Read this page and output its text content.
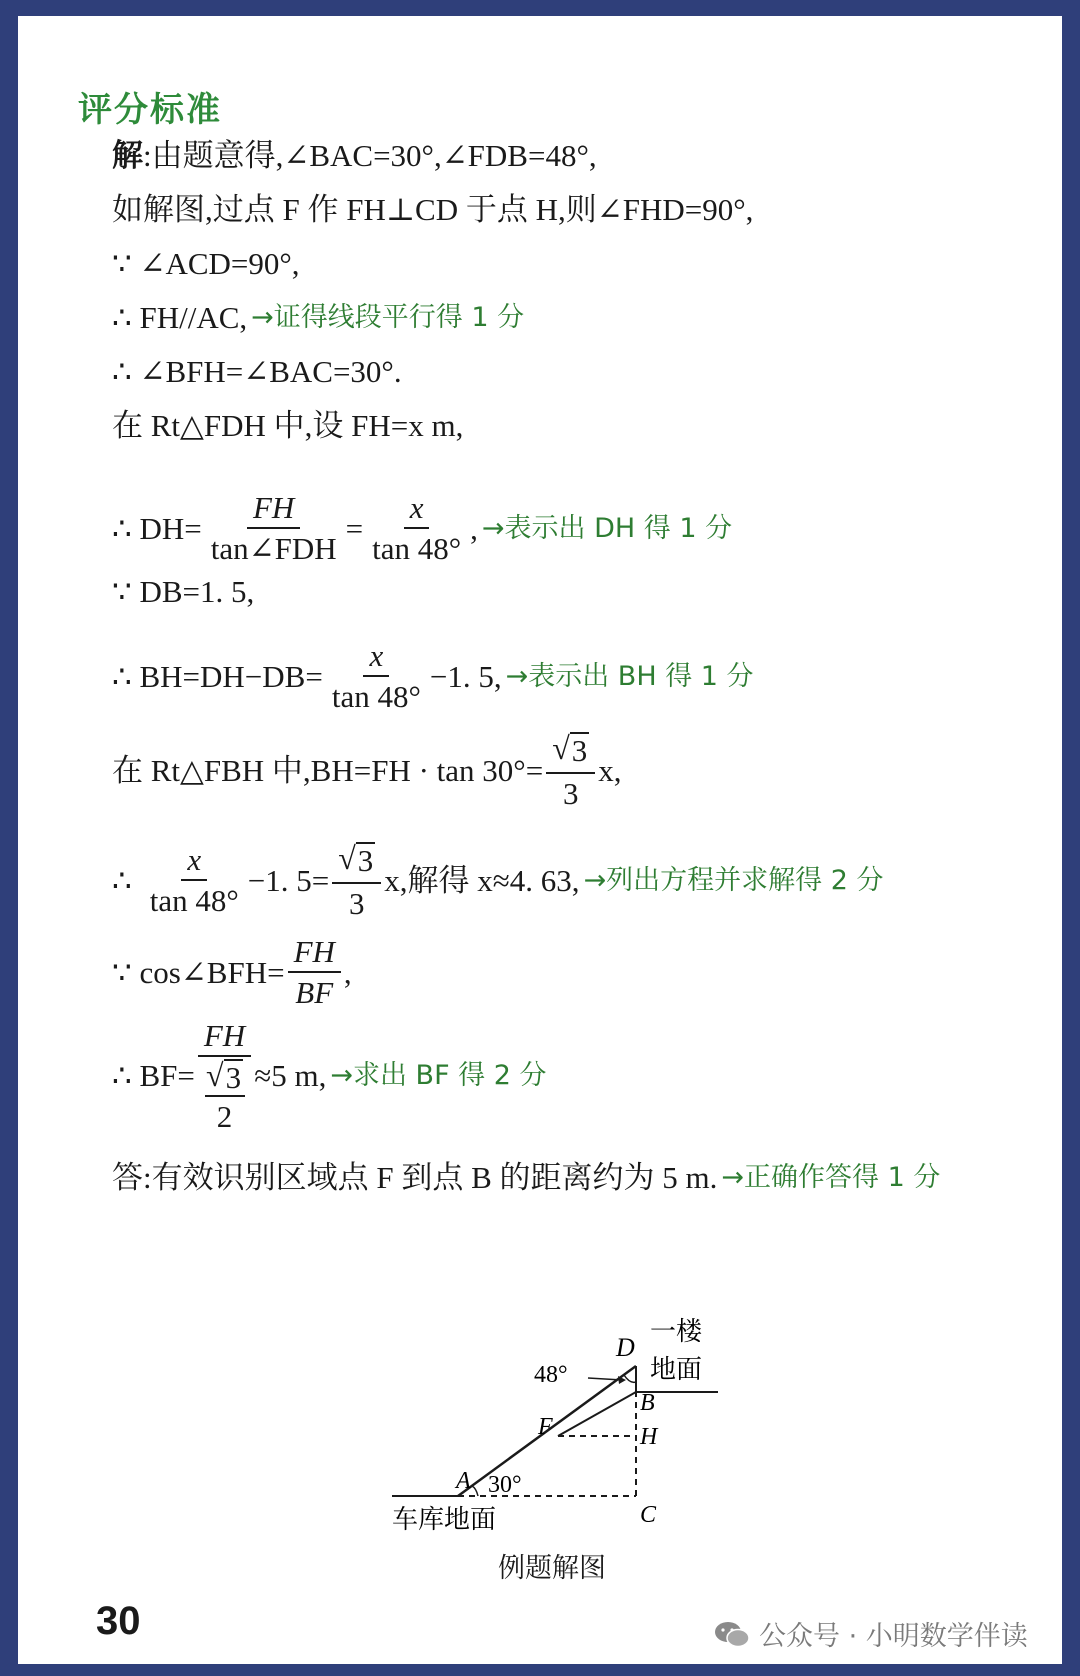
评分标准
解 :由题意得,∠BAC=30°,∠FDB=48°,
如解图,过点 F 作 FH⊥CD 于点 H,则∠FHD=90°,
∵ ∠ACD=90°,
∴ FH//AC, →证得线段平行得 1 分
∴ ∠BFH=∠BAC=30°.
在 Rt△FDH 中,设 FH=x m,
∴ $DH= \frac{FH}{\text{tan∠FDH}} = \frac{x}{\tan 48^\circ}$ , →表示出 DH 得 1 分
∵ DB=1. 5,
∴ $BH=DH-DB= \frac{x}{\tan 48^\circ} -1$. 5, →表示出 BH 得 1 分
在 Rt△FBH 中$,BH=FH \cdot \tan 30^\circ= \frac{√ 3}{3} x$,
∴ $\frac{x}{\tan 48^\circ} -1$. $5= \frac{√ 3}{3} x$,解得 x≈4. 63, →列出方程并求解得 2 分
∵ cos∠BFH= $\frac{FH}{BF}$ ,
∴ $BF= \frac{FH}{\frac{√ 3}{2}} \approx 5$ m, →求出 BF 得 2 分
答:有效识别区域点 F 到点 B 的距离约为 5 m. →正确作答得 1 分
D
一楼
地面
48°
B
F	H
A 30°
车库地面	C
例题解图
30	公众号 · 小明数学伴读
